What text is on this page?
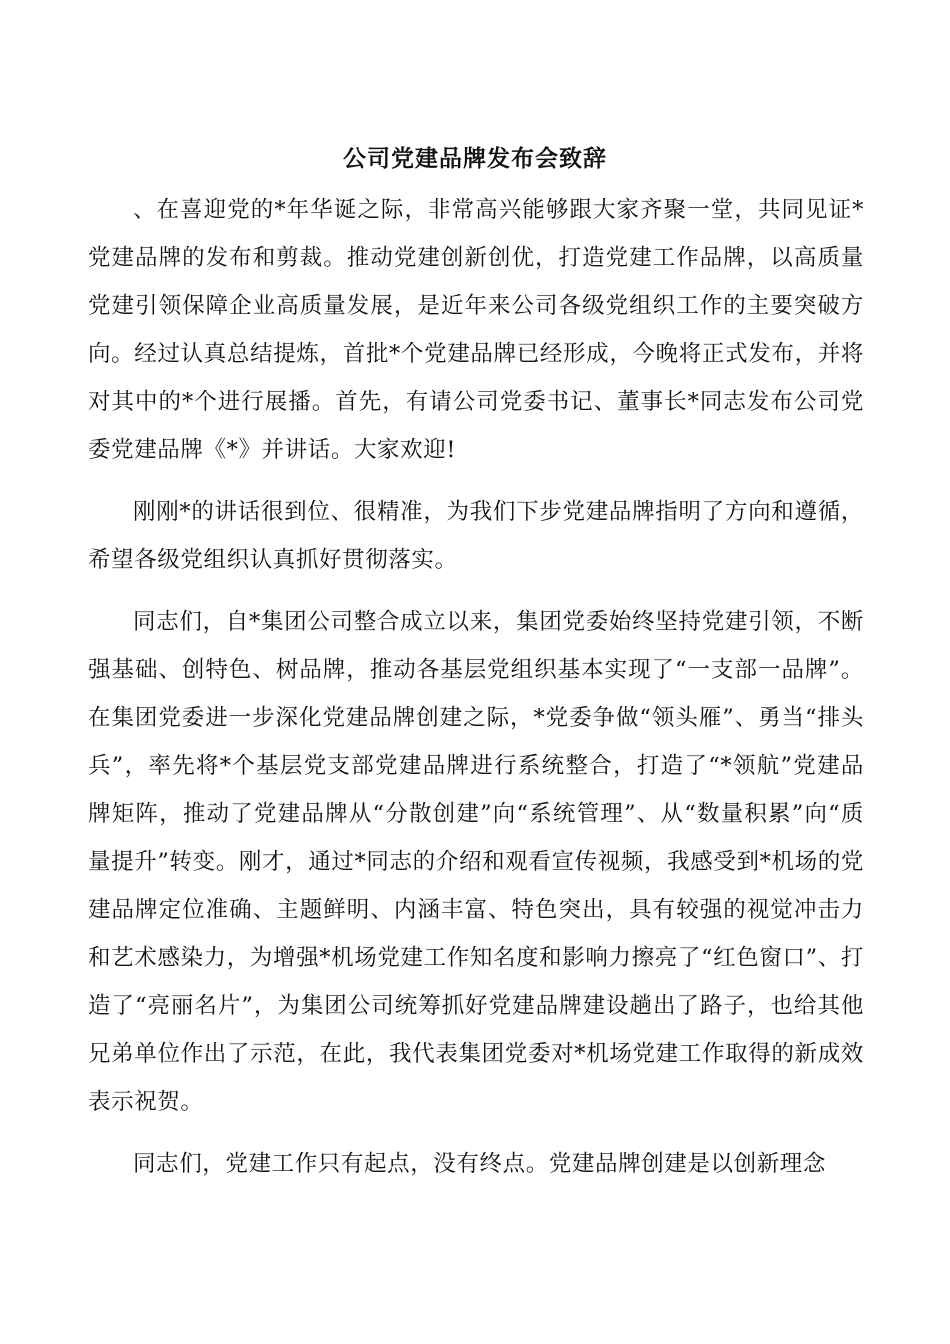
公司党建品牌发布会致辞

、在喜迎党的*年华诞之际，非常高兴能够跟大家齐聚一堂，共同见证*党建品牌的发布和剪裁。推动党建创新创优，打造党建工作品牌，以高质量党建引领保障企业高质量发展，是近年来公司各级党组织工作的主要突破方向。经过认真总结提炼，首批*个党建品牌已经形成，今晚将正式发布，并将对其中的*个进行展播。首先，有请公司党委书记、董事长*同志发布公司党委党建品牌《*》并讲话。大家欢迎!

刚刚*的讲话很到位、很精准，为我们下步党建品牌指明了方向和遵循，希望各级党组织认真抓好贯彻落实。

同志们，自*集团公司整合成立以来，集团党委始终坚持党建引领，不断强基础、创特色、树品牌，推动各基层党组织基本实现了“一支部一品牌”。在集团党委进一步深化党建品牌创建之际，*党委争做“领头雁”、勇当“排头兵”，率先将*个基层党支部党建品牌进行系统整合，打造了“*领航”党建品牌矩阵，推动了党建品牌从“分散创建”向“系统管理”、从“数量积累”向“质量提升”转变。刚才，通过*同志的介绍和观看宣传视频，我感受到*机场的党建品牌定位准确、主题鲜明、内涵丰富、特色突出，具有较强的视觉冲击力和艺术感染力，为增强*机场党建工作知名度和影响力擦亮了“红色窗口”、打造了“亮丽名片”，为集团公司统筹抓好党建品牌建设趟出了路子，也给其他兄弟单位作出了示范，在此，我代表集团党委对*机场党建工作取得的新成效表示祝贺。

同志们，党建工作只有起点，没有终点。党建品牌创建是以创新理念
